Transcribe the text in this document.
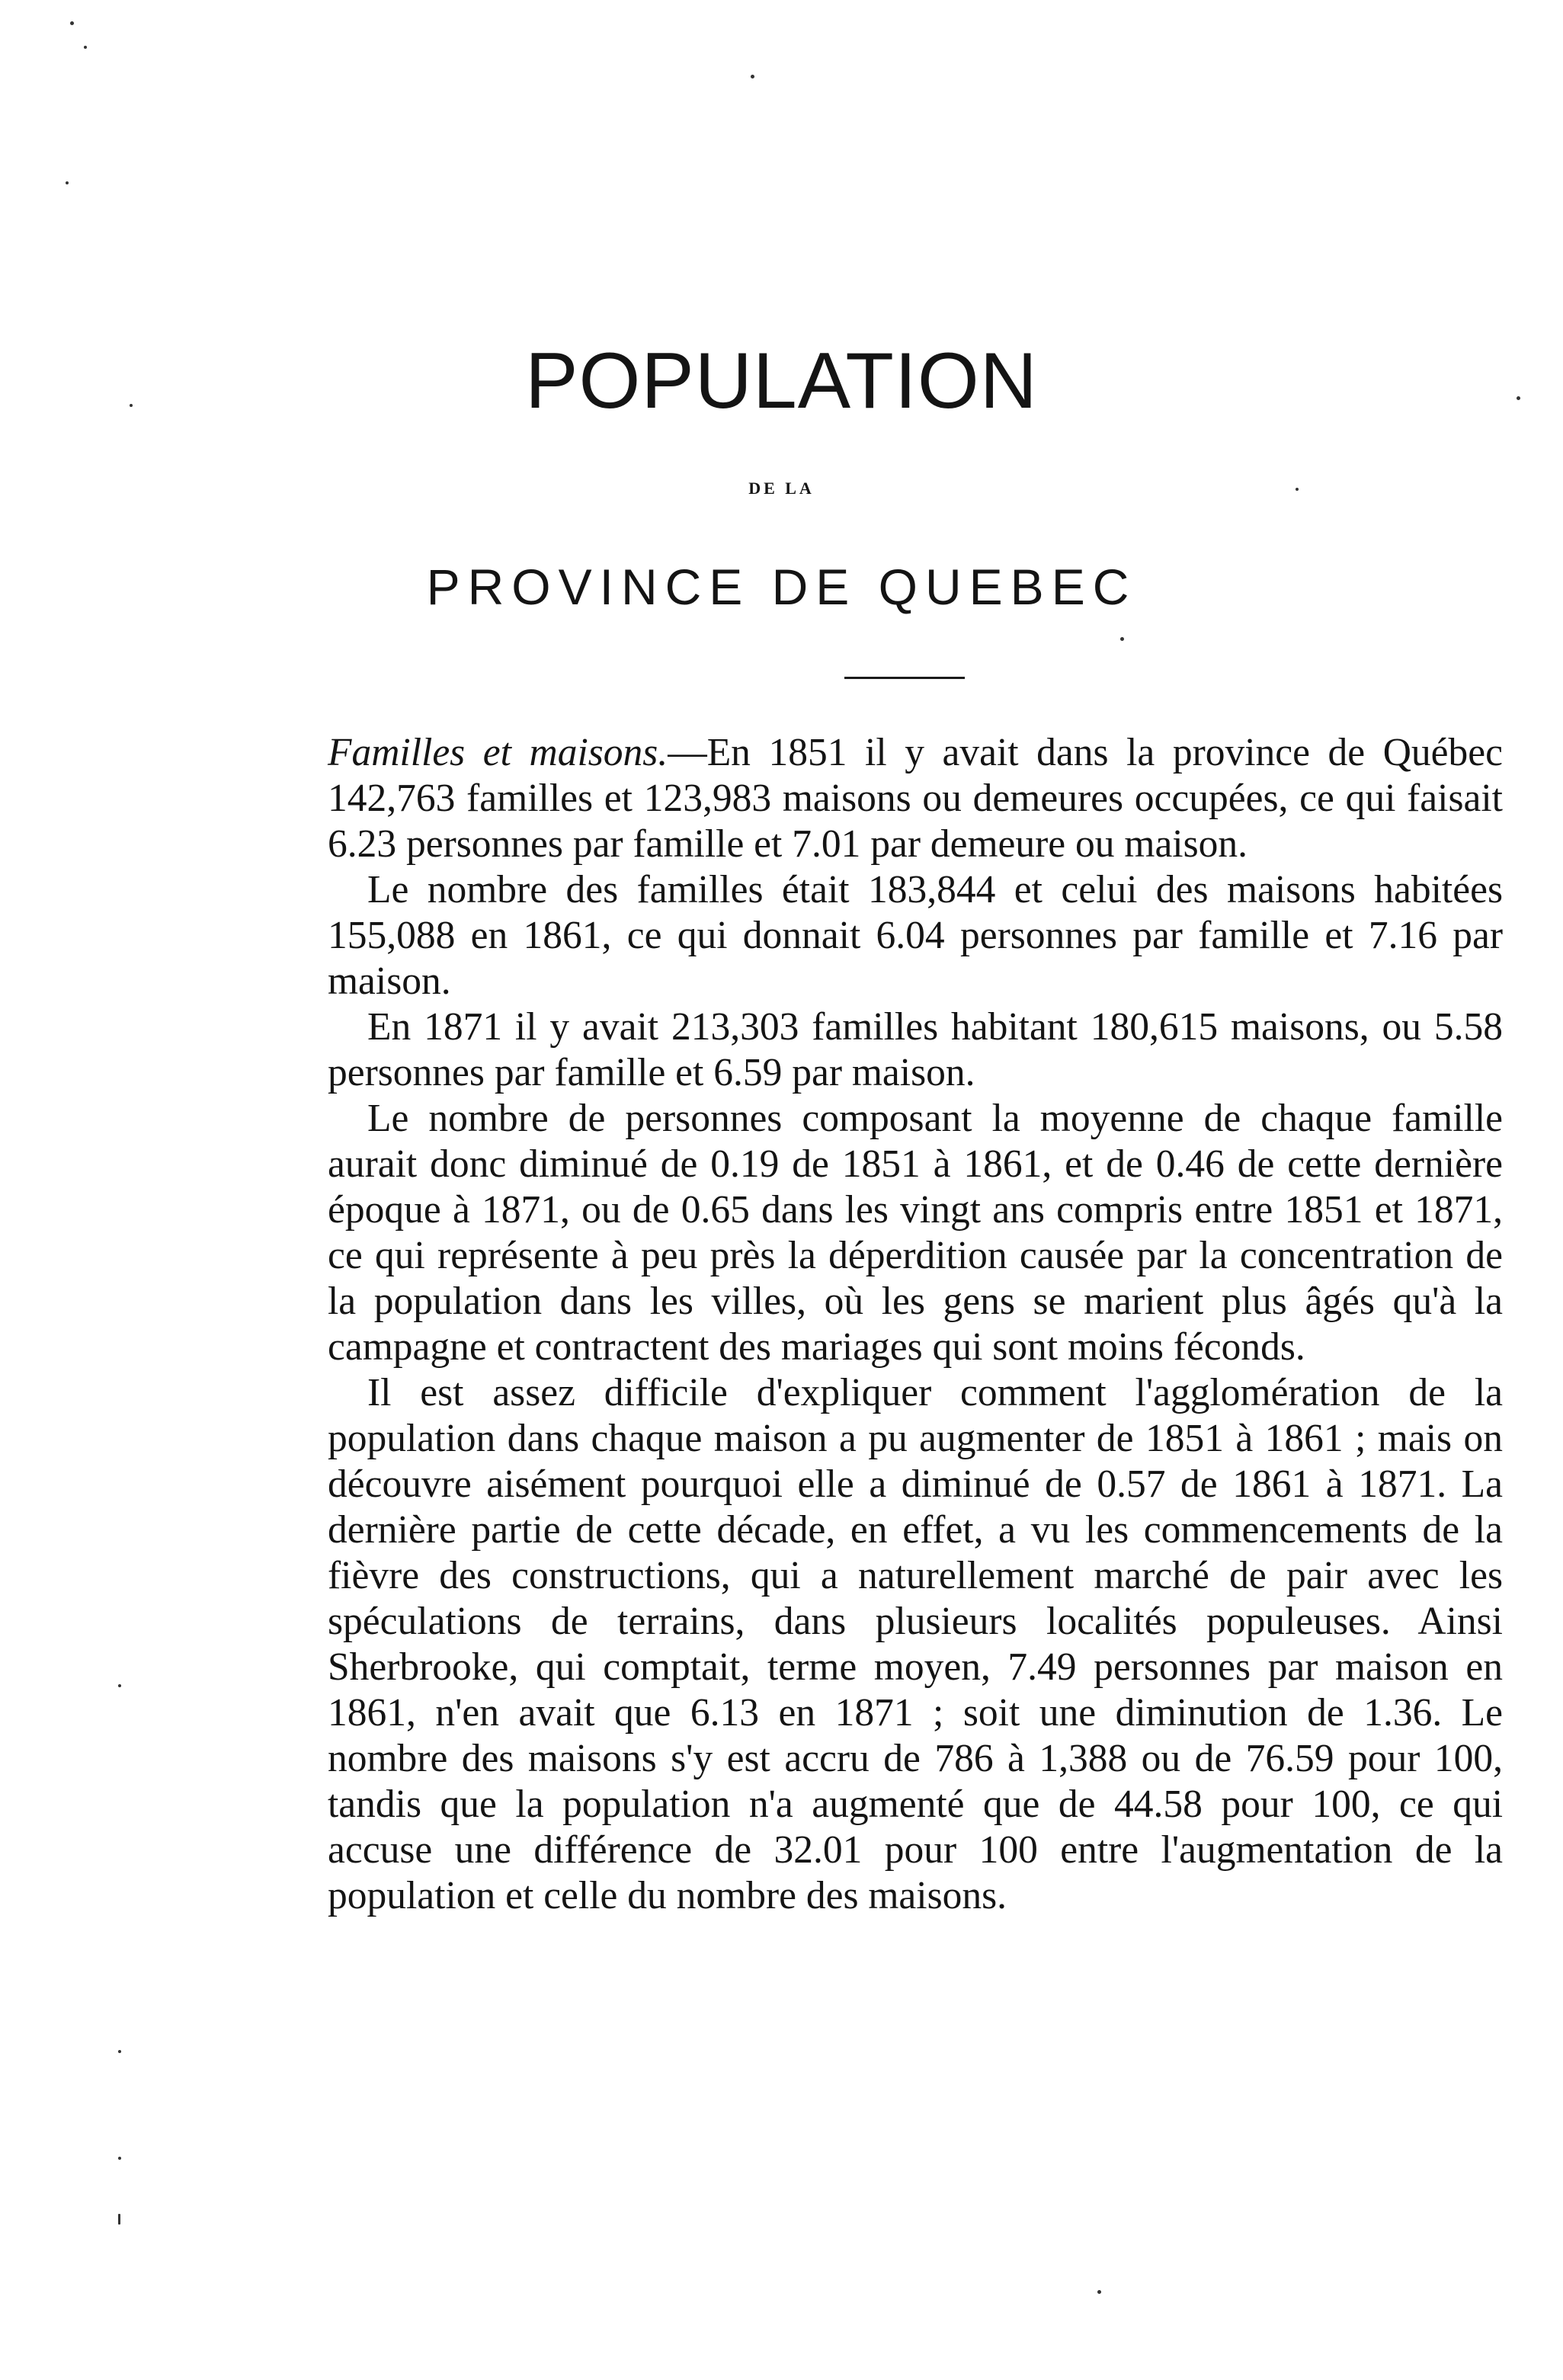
POPULATION
DE LA
PROVINCE DE QUEBEC

Familles et maisons.—En 1851 il y avait dans la province de Québec 142,763 familles et 123,983 maisons ou demeures occupées, ce qui faisait 6.23 personnes par famille et 7.01 par demeure ou maison.

Le nombre des familles était 183,844 et celui des maisons habitées 155,088 en 1861, ce qui donnait 6.04 personnes par famille et 7.16 par maison.

En 1871 il y avait 213,303 familles habitant 180,615 maisons, ou 5.58 personnes par famille et 6.59 par maison.

Le nombre de personnes composant la moyenne de chaque famille aurait donc diminué de 0.19 de 1851 à 1861, et de 0.46 de cette dernière époque à 1871, ou de 0.65 dans les vingt ans compris entre 1851 et 1871, ce qui représente à peu près la déperdition causée par la concentration de la population dans les villes, où les gens se marient plus âgés qu'à la campagne et contractent des mariages qui sont moins féconds.

Il est assez difficile d'expliquer comment l'agglomération de la population dans chaque maison a pu augmenter de 1851 à 1861 ; mais on découvre aisément pourquoi elle a diminué de 0.57 de 1861 à 1871. La dernière partie de cette décade, en effet, a vu les commencements de la fièvre des constructions, qui a naturellement marché de pair avec les spéculations de terrains, dans plusieurs localités populeuses. Ainsi Sherbrooke, qui comptait, terme moyen, 7.49 personnes par maison en 1861, n'en avait que 6.13 en 1871 ; soit une diminution de 1.36. Le nombre des maisons s'y est accru de 786 à 1,388 ou de 76.59 pour 100, tandis que la population n'a augmenté que de 44.58 pour 100, ce qui accuse une différence de 32.01 pour 100 entre l'augmentation de la population et celle du nombre des maisons.
